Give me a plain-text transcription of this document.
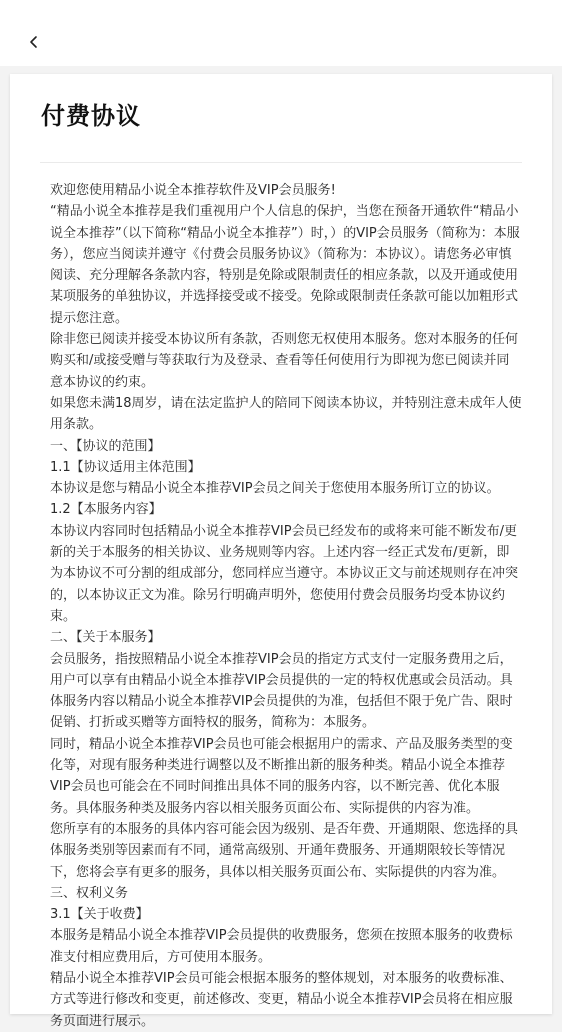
付费协议

欢迎您使用精品小说全本推荐软件及VIP会员服务!

“精品小说全本推荐是我们重视用户个人信息的保护，当您在预备开通软件“精品小说全本推荐”（以下简称“精品小说全本推荐”）时，）的VIP会员服务（简称为：本服务），您应当阅读并遵守《付费会员服务协议》（简称为：本协议）。请您务必审慎阅读、充分理解各条款内容，特别是免除或限制责任的相应条款，以及开通或使用某项服务的单独协议，并选择接受或不接受。免除或限制责任条款可能以加粗形式提示您注意。

除非您已阅读并接受本协议所有条款，否则您无权使用本服务。您对本服务的任何购买和/或接受赠与等获取行为及登录、查看等任何使用行为即视为您已阅读并同意本协议的约束。

如果您未满18周岁，请在法定监护人的陪同下阅读本协议，并特别注意未成年人使用条款。

一、【协议的范围】

1.1【协议适用主体范围】

本协议是您与精品小说全本推荐VIP会员之间关于您使用本服务所订立的协议。

1.2【本服务内容】

本协议内容同时包括精品小说全本推荐VIP会员已经发布的或将来可能不断发布/更新的关于本服务的相关协议、业务规则等内容。上述内容一经正式发布/更新，即为本协议不可分割的组成部分，您同样应当遵守。本协议正文与前述规则存在冲突的，以本协议正文为准。除另行明确声明外，您使用付费会员服务均受本协议约束。

二、【关于本服务】

会员服务，指按照精品小说全本推荐VIP会员的指定方式支付一定服务费用之后，用户可以享有由精品小说全本推荐VIP会员提供的一定的特权优惠或会员活动。具体服务内容以精品小说全本推荐VIP会员提供的为准，包括但不限于免广告、限时促销、打折或买赠等方面特权的服务，简称为：本服务。

同时，精品小说全本推荐VIP会员也可能会根据用户的需求、产品及服务类型的变化等，对现有服务种类进行调整以及不断推出新的服务种类。精品小说全本推荐VIP会员也可能会在不同时间推出具体不同的服务内容，以不断完善、优化本服务。具体服务种类及服务内容以相关服务页面公布、实际提供的内容为准。

您所享有的本服务的具体内容可能会因为级别、是否年费、开通期限、您选择的具体服务类别等因素而有不同，通常高级别、开通年费服务、开通期限较长等情况下，您将会享有更多的服务，具体以相关服务页面公布、实际提供的内容为准。

三、权利义务

3.1【关于收费】

本服务是精品小说全本推荐VIP会员提供的收费服务，您须在按照本服务的收费标准支付相应费用后，方可使用本服务。

精品小说全本推荐VIP会员可能会根据本服务的整体规划，对本服务的收费标准、方式等进行修改和变更，前述修改、变更，精品小说全本推荐VIP会员将在相应服务页面进行展示。
